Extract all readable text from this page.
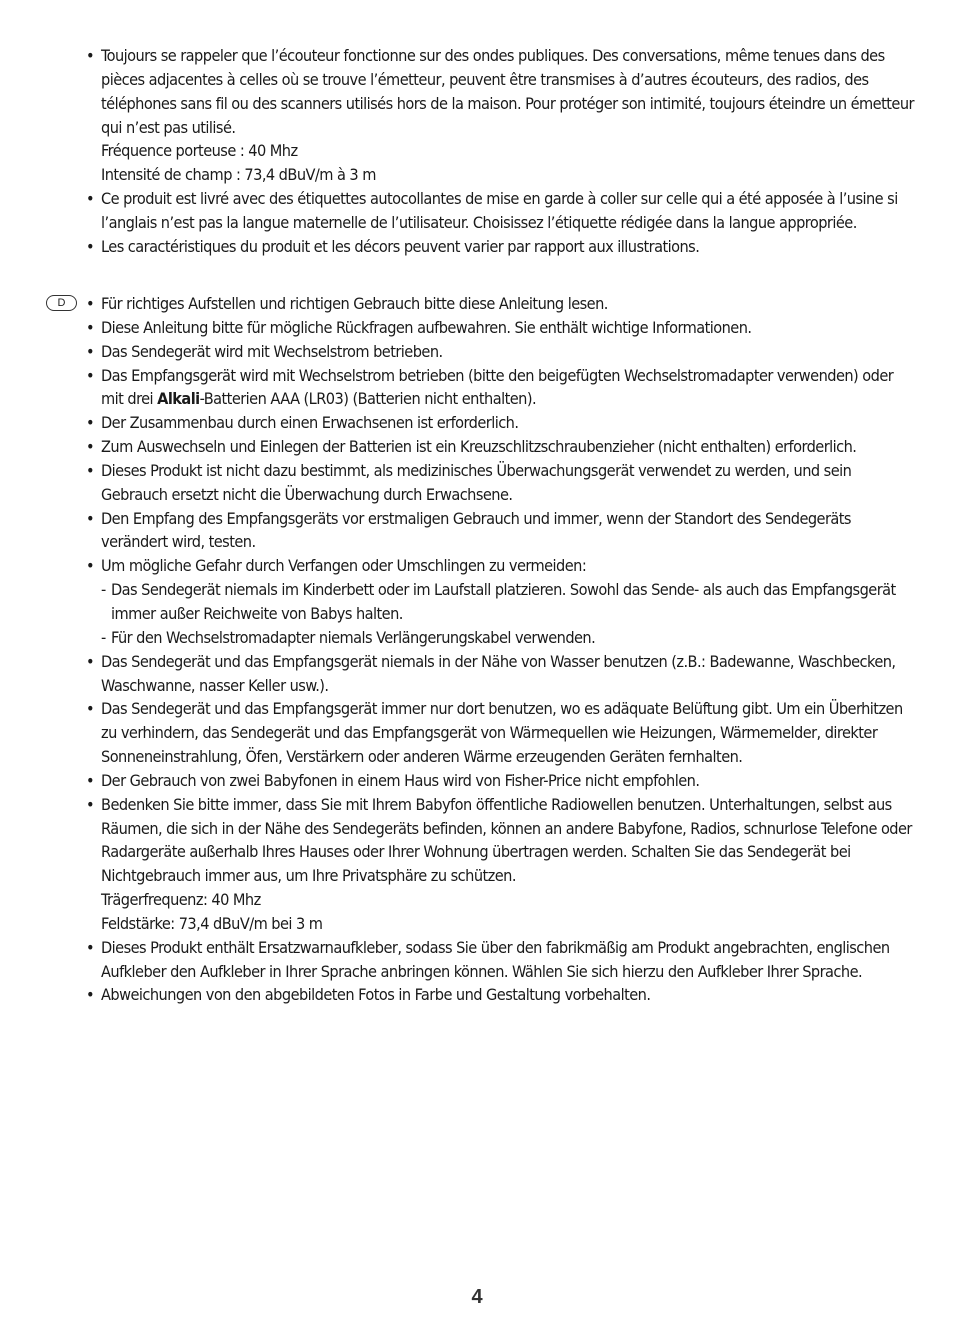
• Toujours se rappeler que l’écouteur fonctionne sur des ondes publiques. Des conversations, même tenues dans des pièces adjacentes à celles où se trouve l’émetteur, peuvent être transmises à d’autres écouteurs, des radios, des téléphones sans fil ou des scanners utilisés hors de la maison. Pour protéger son intimité, toujours éteindre un émetteur qui n’est pas utilisé.
Fréquence porteuse : 40 Mhz
Intensité de champ : 73,4 dBuV/m à 3 m
• Ce produit est livré avec des étiquettes autocollantes de mise en garde à coller sur celle qui a été apposée à l’usine si l’anglais n’est pas la langue maternelle de l’utilisateur. Choisissez l’étiquette rédigée dans la langue appropriée.
• Les caractéristiques du produit et les décors peuvent varier par rapport aux illustrations.
D	• Für richtiges Aufstellen und richtigen Gebrauch bitte diese Anleitung lesen.
• Diese Anleitung bitte für mögliche Rückfragen aufbewahren. Sie enthält wichtige Informationen.
• Das Sendegerät wird mit Wechselstrom betrieben.
• Das Empfangsgerät wird mit Wechselstrom betrieben (bitte den beigefügten Wechselstromadapter verwenden) oder mit drei Alkali-Batterien AAA (LR03) (Batterien nicht enthalten).
• Der Zusammenbau durch einen Erwachsenen ist erforderlich.
• Zum Auswechseln und Einlegen der Batterien ist ein Kreuzschlitzschraubenzieher (nicht enthalten) erforderlich.
• Dieses Produkt ist nicht dazu bestimmt, als medizinisches Überwachungsgerät verwendet zu werden, und sein Gebrauch ersetzt nicht die Überwachung durch Erwachsene.
• Den Empfang des Empfangsgeräts vor erstmaligen Gebrauch und immer, wenn der Standort des Sendegeräts verändert wird, testen.
• Um mögliche Gefahr durch Verfangen oder Umschlingen zu vermeiden:
- Das Sendegerät niemals im Kinderbett oder im Laufstall platzieren. Sowohl das Sende- als auch das Empfangsgerät immer außer Reichweite von Babys halten.
- Für den Wechselstromadapter niemals Verlängerungskabel verwenden.
• Das Sendegerät und das Empfangsgerät niemals in der Nähe von Wasser benutzen (z.B.: Badewanne, Waschbecken, Waschwanne, nasser Keller usw.).
• Das Sendegerät und das Empfangsgerät immer nur dort benutzen, wo es adäquate Belüftung gibt. Um ein Überhitzen zu verhindern, das Sendegerät und das Empfangsgerät von Wärmequellen wie Heizungen, Wärmemelder, direkter Sonneneinstrahlung, Öfen, Verstärkern oder anderen Wärme erzeugenden Geräten fernhalten.
• Der Gebrauch von zwei Babyfonen in einem Haus wird von Fisher-Price nicht empfohlen.
• Bedenken Sie bitte immer, dass Sie mit Ihrem Babyfon öffentliche Radiowellen benutzen. Unterhaltungen, selbst aus Räumen, die sich in der Nähe des Sendegeräts befinden, können an andere Babyfone, Radios, schnurlose Telefone oder Radargeräte außerhalb Ihres Hauses oder Ihrer Wohnung übertragen werden. Schalten Sie das Sendegerät bei Nichtgebrauch immer aus, um Ihre Privatsphäre zu schützen.
Trägerfrequenz: 40 Mhz
Feldstärke: 73,4 dBuV/m bei 3 m
• Dieses Produkt enthält Ersatzwarnaufkleber, sodass Sie über den fabrikmäßig am Produkt angebrachten, englischen Aufkleber den Aufkleber in Ihrer Sprache anbringen können. Wählen Sie sich hierzu den Aufkleber Ihrer Sprache.
• Abweichungen von den abgebildeten Fotos in Farbe und Gestaltung vorbehalten.
4
